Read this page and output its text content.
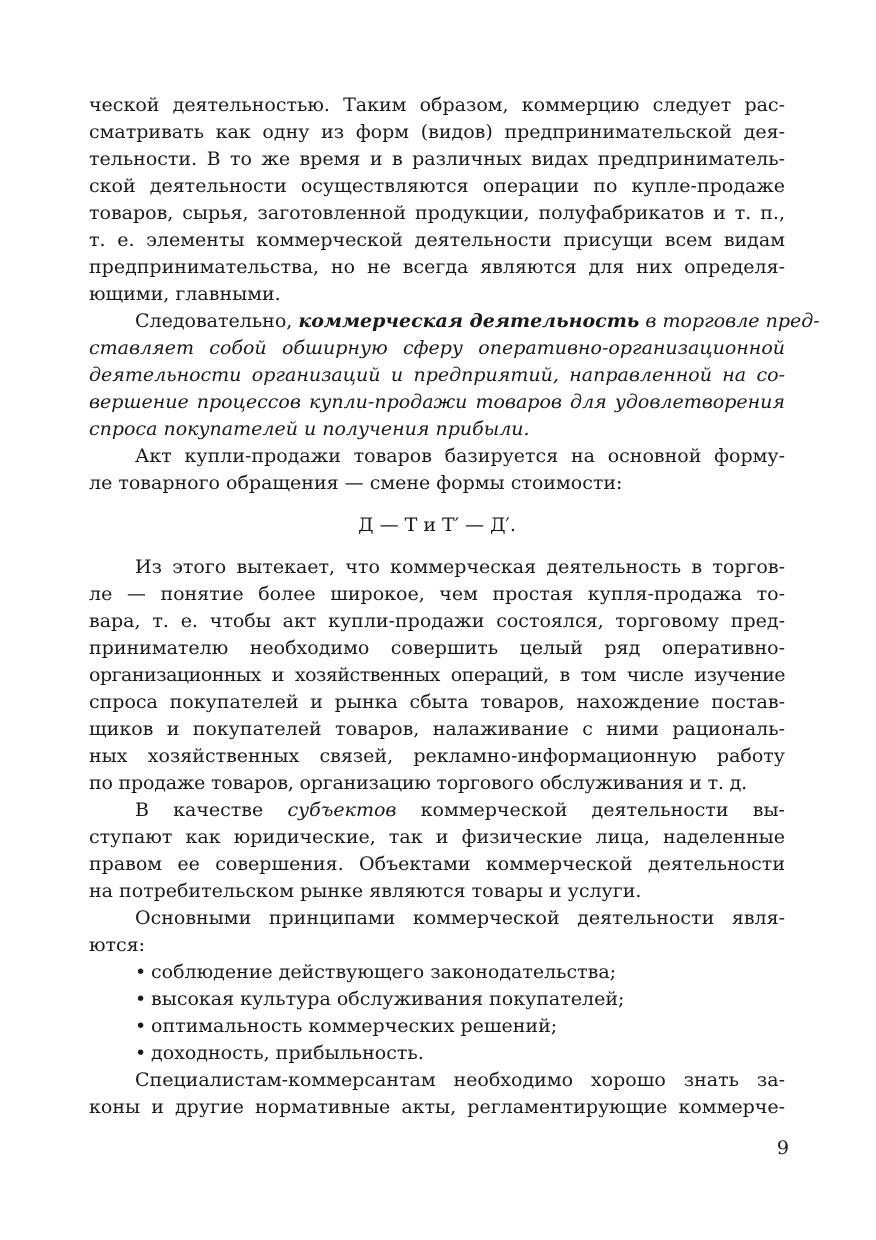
ческой деятельностью. Таким образом, коммерцию следует рас-
сматривать как одну из форм (видов) предпринимательской дея-
тельности. В то же время и в различных видах предприниматель-
ской деятельности осуществляются операции по купле-продаже
товаров, сырья, заготовленной продукции, полуфабрикатов и т. п.,
т. е. элементы коммерческой деятельности присущи всем видам
предпринимательства, но не всегда являются для них определя-
ющими, главными.
Следовательно, коммерческая деятельность в торговле пред-
ставляет собой обширную сферу оперативно-организационной
деятельности организаций и предприятий, направленной на со-
вершение процессов купли-продажи товаров для удовлетворения
спроса покупателей и получения прибыли.
Акт купли-продажи товаров базируется на основной форму-
ле товарного обращения — смене формы стоимости:
Д — Т и Т′ — Д′.
Из этого вытекает, что коммерческая деятельность в торгов-
ле — понятие более широкое, чем простая купля-продажа то-
вара, т. е. чтобы акт купли-продажи состоялся, торговому пред-
принимателю необходимо совершить целый ряд оперативно-
организационных и хозяйственных операций, в том числе изучение
спроса покупателей и рынка сбыта товаров, нахождение постав-
щиков и покупателей товаров, налаживание с ними рациональ-
ных хозяйственных связей, рекламно-информационную работу
по продаже товаров, организацию торгового обслуживания и т. д.
В качестве субъектов коммерческой деятельности вы-
ступают как юридические, так и физические лица, наделенные
правом ее совершения. Объектами коммерческой деятельности
на потребительском рынке являются товары и услуги.
Основными принципами коммерческой деятельности явля-
ются:
• соблюдение действующего законодательства;
• высокая культура обслуживания покупателей;
• оптимальность коммерческих решений;
• доходность, прибыльность.
Специалистам-коммерсантам необходимо хорошо знать за-
коны и другие нормативные акты, регламентирующие коммерче-
9
